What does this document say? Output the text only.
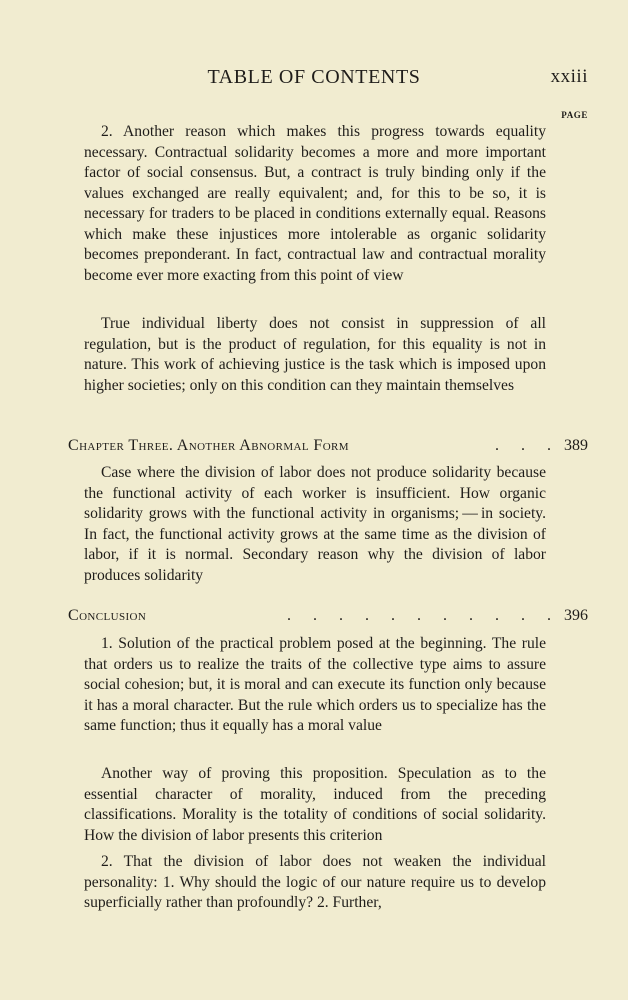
TABLE OF CONTENTS	xxiii
PAGE

2. Another reason which makes this progress towards equality necessary. Contractual solidarity becomes a more and more important factor of social consensus. But, a contract is truly binding only if the values exchanged are really equivalent; and, for this to be so, it is necessary for traders to be placed in conditions externally equal. Reasons which make these injustices more intolerable as organic solidarity becomes preponderant. In fact, contractual law and contractual morality become ever more exacting from this point of view

True individual liberty does not consist in suppression of all regulation, but is the product of regulation, for this equality is not in nature. This work of achieving justice is the task which is imposed upon higher societies; only on this condition can they maintain themselves

Chapter Three. Another Abnormal Form	. . . 389

Case where the division of labor does not produce solidarity because the functional activity of each worker is insufficient. How organic solidarity grows with the functional activity in organisms; — in society. In fact, the functional activity grows at the same time as the division of labor, if it is normal. Secondary reason why the division of labor produces solidarity

Conclusion	. . . . . . . . . . . 396

1. Solution of the practical problem posed at the beginning. The rule that orders us to realize the traits of the collective type aims to assure social cohesion; but, it is moral and can execute its function only because it has a moral character. But the rule which orders us to specialize has the same function; thus it equally has a moral value

Another way of proving this proposition. Speculation as to the essential character of morality, induced from the preceding classifications. Morality is the totality of conditions of social solidarity. How the division of labor presents this criterion

2. That the division of labor does not weaken the individual personality: 1. Why should the logic of our nature require us to develop superficially rather than profoundly? 2. Further,
